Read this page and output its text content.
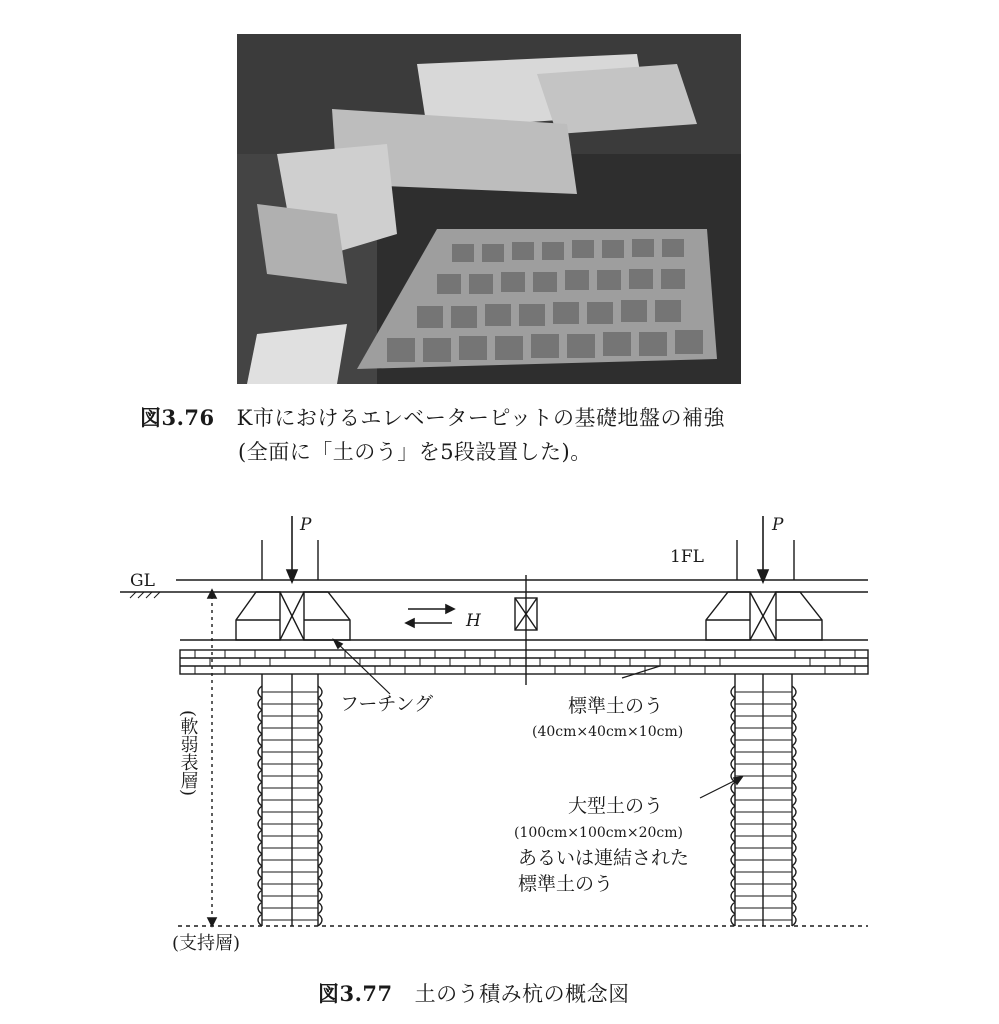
図3.76 K市におけるエレベーターピットの基礎地盤の補強
(全面に「土のう」を5段設置した)。
P	P
GL
1FL
H
フーチング	標準土のう
(40cm×40cm×10cm)
大型土のう
(100cm×100cm×20cm)
あるいは連結された
標準土のう
(軟弱表層)
(支持層)
図3.77 土のう積み杭の概念図
